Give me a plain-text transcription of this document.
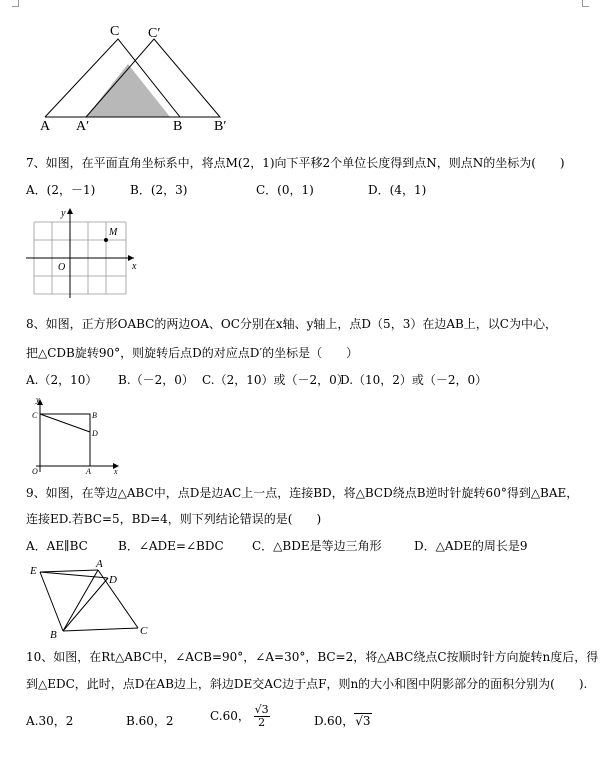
C C′
A A′	B B′
7、如图，在平面直角坐标系中，将点M(2，1)向下平移2个单位长度得到点N，则点N的坐标为(　　)
A．(2，－1)	B．(2，3)	C．(0，1)	D．(4，1)
y
x
O
M
8、如图，正方形OABC的两边OA、OC分别在x轴、y轴上，点D（5，3）在边AB上，以C为中心，
把△CDB旋转90°，则旋转后点D的对应点D′的坐标是（　　）
A.（2，10） B.（－2，0） C.（2，10）或（－2，0）
D.（10，2）或（－2，0）
y
C	B
D
O	A	x
9、如图，在等边△ABC中，点D是边AC上一点，连接BD，将△BCD绕点B逆时针旋转60°得到△BAE，
连接ED.若BC=5，BD=4，则下列结论错误的是(　　)
A．AE∥BC	B．∠ADE=∠BDC C．△BDE是等边三角形	D．△ADE的周长是9
E
A
D
B	C
10、如图，在Rt△ABC中，∠ACB=90°，∠A=30°，BC=2，将△ABC绕点C按顺时针方向旋转n度后，得
到△EDC，此时，点D在AB边上，斜边DE交AC边于点F，则n的大小和图中阴影部分的面积分别为(　　).
A.30，2	B.60，2	C.60， $\frac{√3}{2}$	D.60，√3
